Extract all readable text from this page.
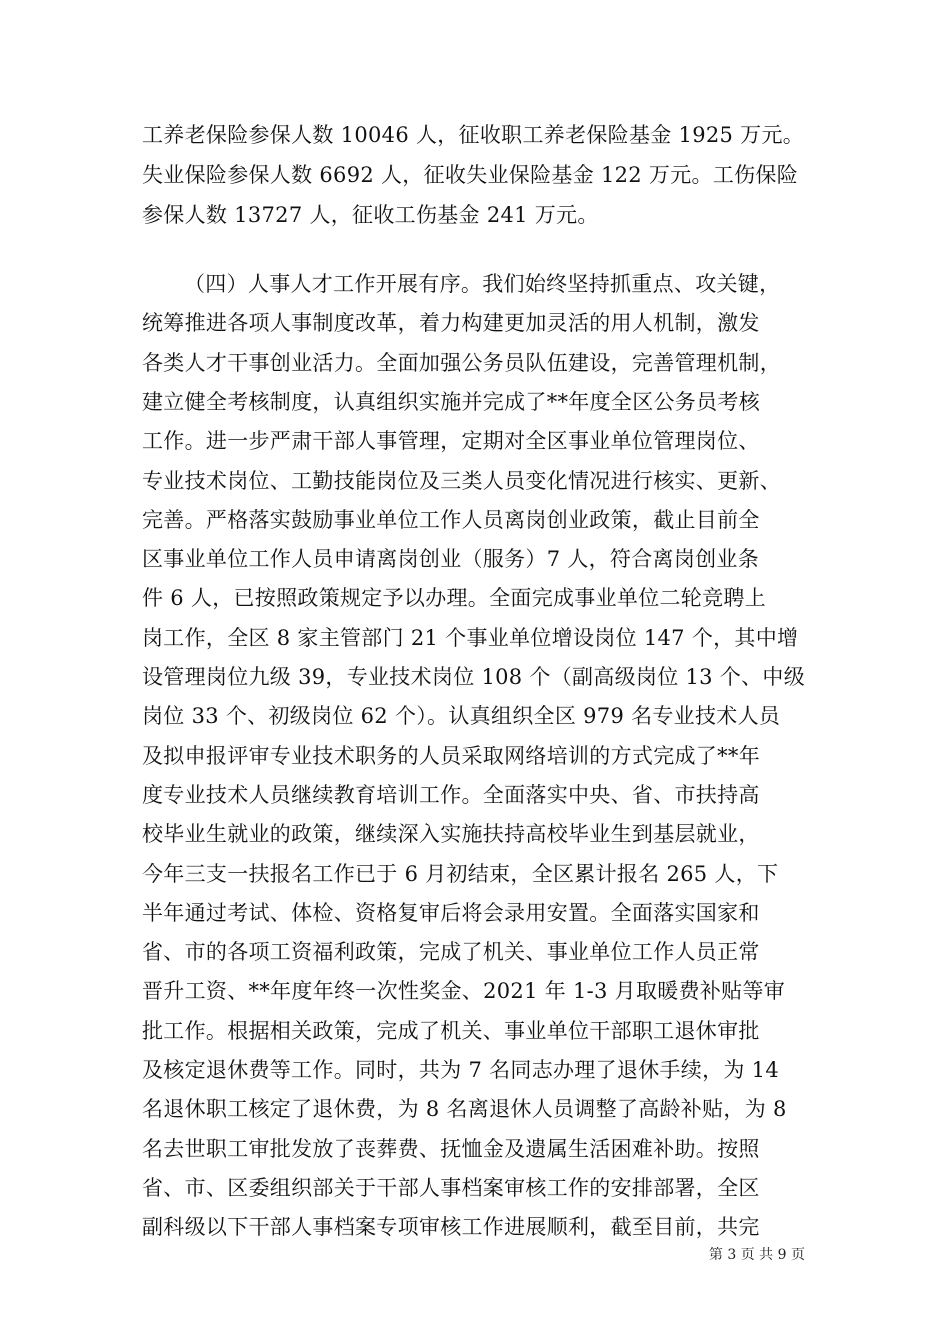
工养老保险参保人数 10046 人，征收职工养老保险基金 1925 万元。
失业保险参保人数 6692 人，征收失业保险基金 122 万元。工伤保险
参保人数 13727 人，征收工伤基金 241 万元。
（四）人事人才工作开展有序。我们始终坚持抓重点、攻关键，
统筹推进各项人事制度改革，着力构建更加灵活的用人机制，激发
各类人才干事创业活力。全面加强公务员队伍建设，完善管理机制，
建立健全考核制度，认真组织实施并完成了**年度全区公务员考核
工作。进一步严肃干部人事管理，定期对全区事业单位管理岗位、
专业技术岗位、工勤技能岗位及三类人员变化情况进行核实、更新、
完善。严格落实鼓励事业单位工作人员离岗创业政策，截止目前全
区事业单位工作人员申请离岗创业（服务）7 人，符合离岗创业条
件 6 人，已按照政策规定予以办理。全面完成事业单位二轮竞聘上
岗工作，全区 8 家主管部门 21 个事业单位增设岗位 147 个，其中增
设管理岗位九级 39，专业技术岗位 108 个（副高级岗位 13 个、中级
岗位 33 个、初级岗位 62 个）。认真组织全区 979 名专业技术人员
及拟申报评审专业技术职务的人员采取网络培训的方式完成了**年
度专业技术人员继续教育培训工作。全面落实中央、省、市扶持高
校毕业生就业的政策，继续深入实施扶持高校毕业生到基层就业，
今年三支一扶报名工作已于 6 月初结束，全区累计报名 265 人，下
半年通过考试、体检、资格复审后将会录用安置。全面落实国家和
省、市的各项工资福利政策，完成了机关、事业单位工作人员正常
晋升工资、**年度年终一次性奖金、2021 年 1-3 月取暖费补贴等审
批工作。根据相关政策，完成了机关、事业单位干部职工退休审批
及核定退休费等工作。同时，共为 7 名同志办理了退休手续，为 14
名退休职工核定了退休费，为 8 名离退休人员调整了高龄补贴，为 8
名去世职工审批发放了丧葬费、抚恤金及遗属生活困难补助。按照
省、市、区委组织部关于干部人事档案审核工作的安排部署，全区
副科级以下干部人事档案专项审核工作进展顺利，截至目前，共完
第 3 页 共 9 页
